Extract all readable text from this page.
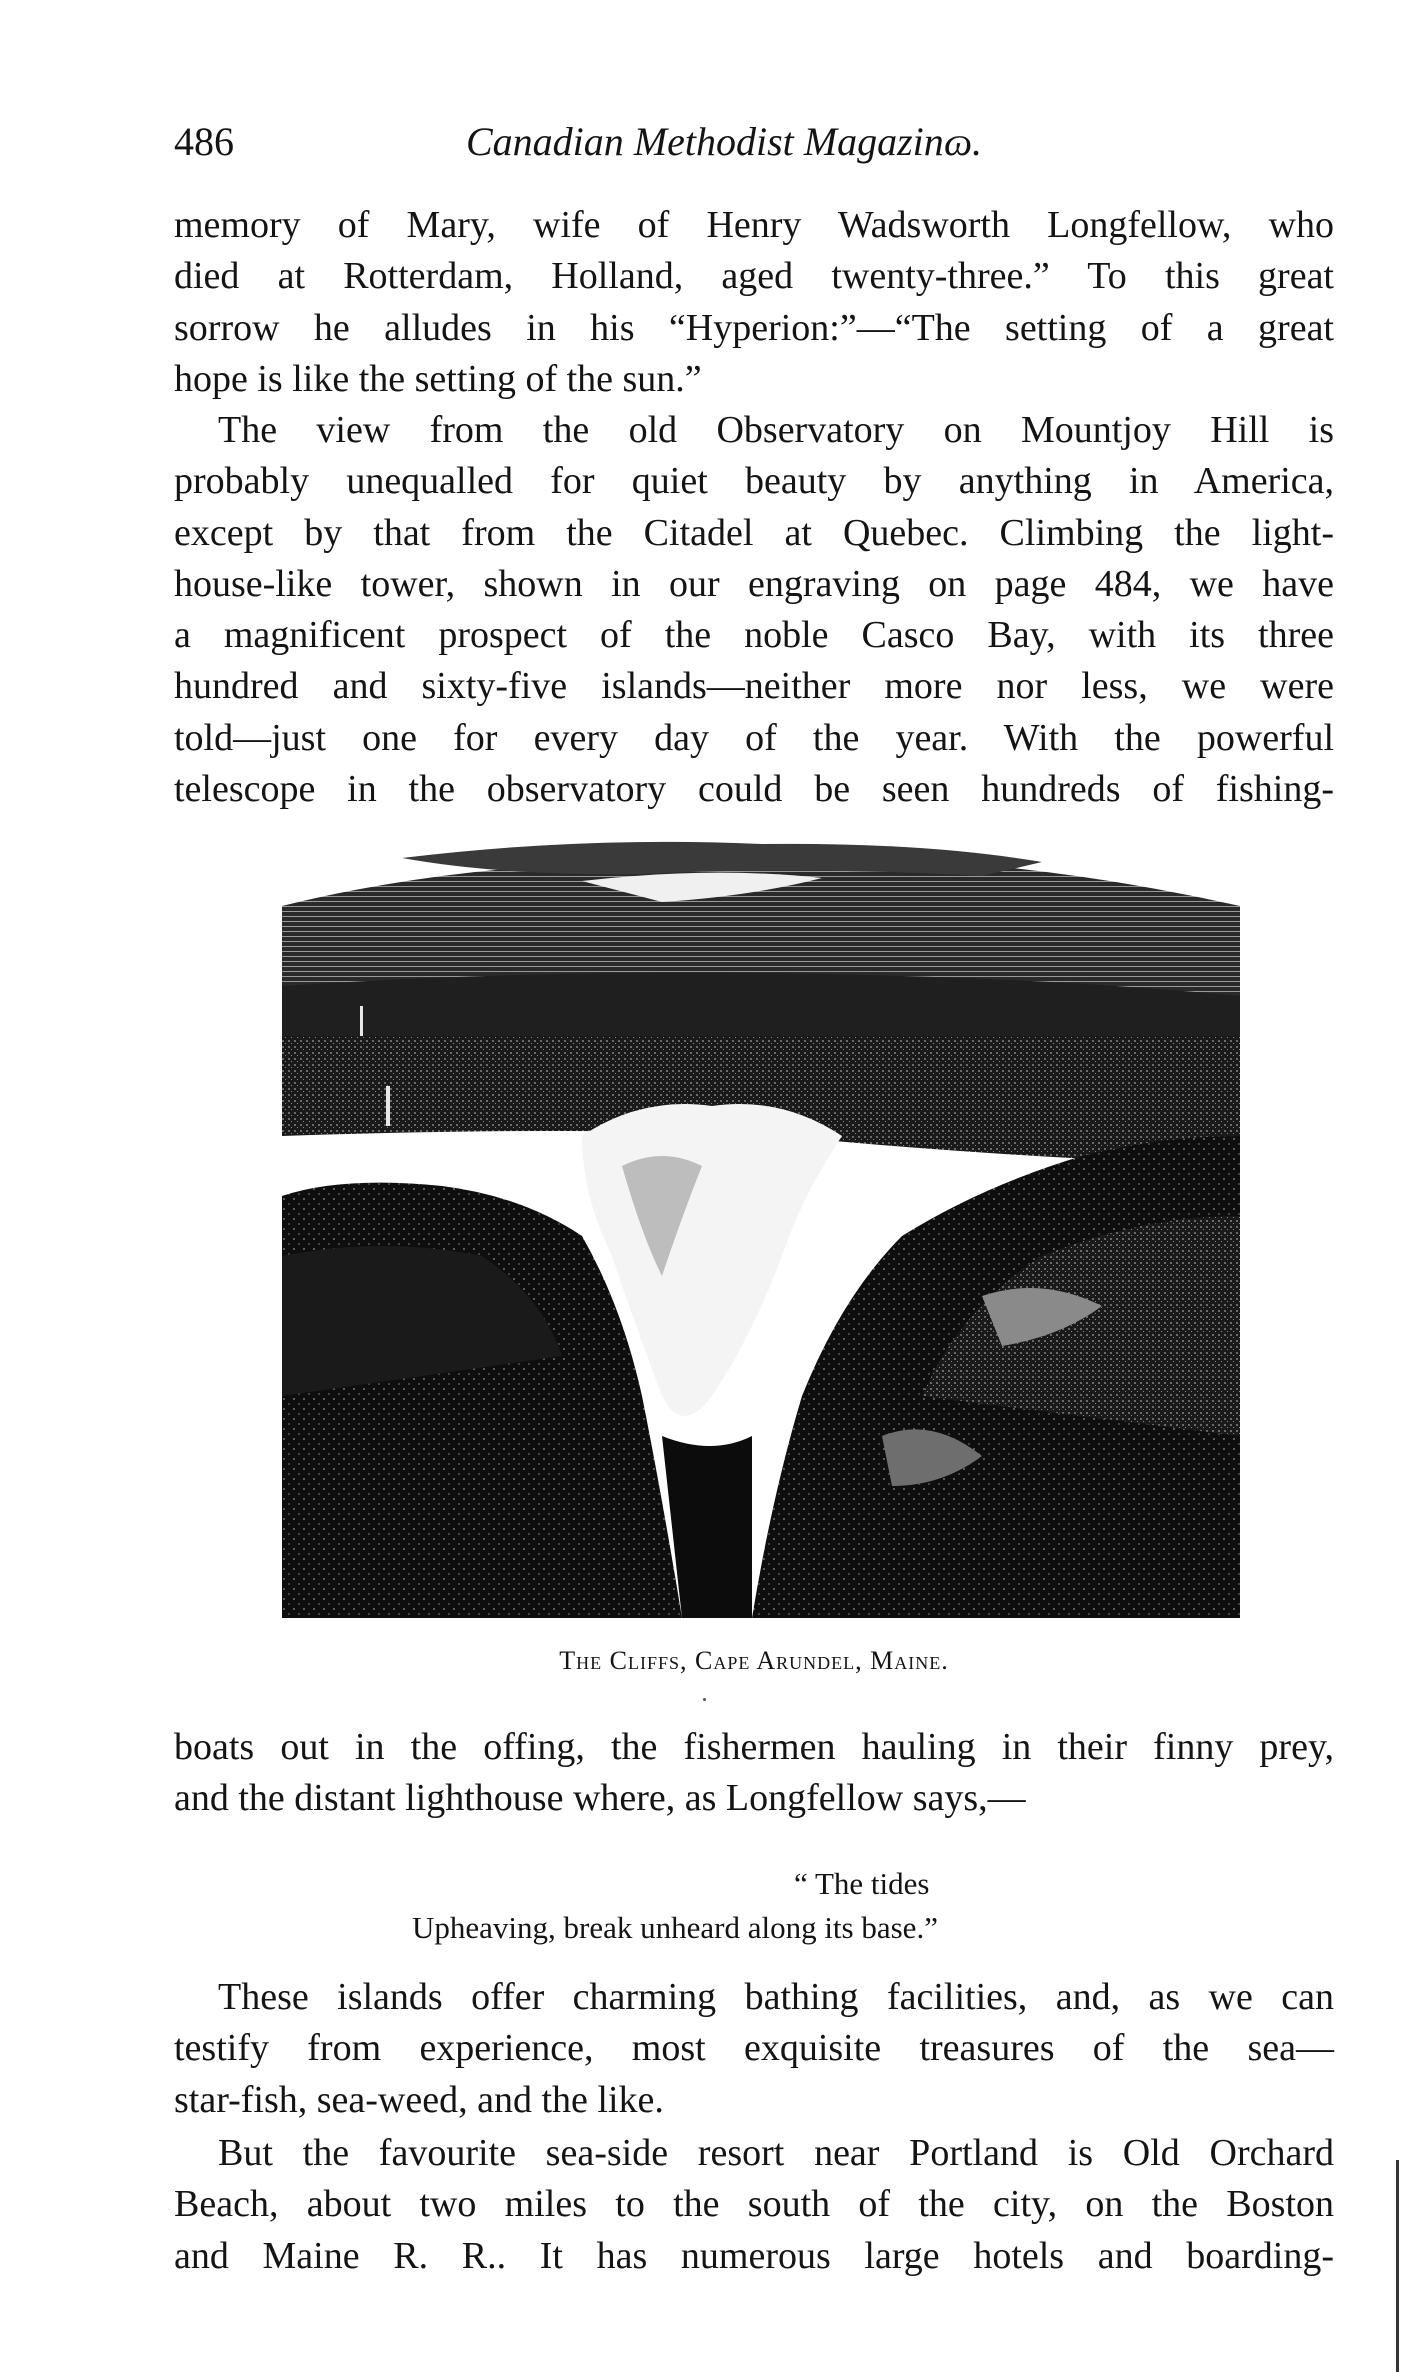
486	Canadian Methodist Magazinɷ.

memory of Mary, wife of Henry Wadsworth Longfellow, who

died at Rotterdam, Holland, aged twenty-three.” To this great

sorrow he alludes in his “Hyperion:”—“The setting of a great

hope is like the setting of the sun.”

The view from the old Observatory on Mountjoy Hill is

probably unequalled for quiet beauty by anything in America,

except by that from the Citadel at Quebec. Climbing the light-

house-like tower, shown in our engraving on page 484, we have

a magnificent prospect of the noble Casco Bay, with its three

hundred and sixty-five islands—neither more nor less, we were

told—just one for every day of the year. With the powerful

telescope in the observatory could be seen hundreds of fishing-

The Cliffs, Cape Arundel, Maine.

boats out in the offing, the fishermen hauling in their finny prey,

and the distant lighthouse where, as Longfellow says,—

“ The tides
Upheaving, break unheard along its base.”

These islands offer charming bathing facilities, and, as we can

testify from experience, most exquisite treasures of the sea—

star-fish, sea-weed, and the like.

But the favourite sea-side resort near Portland is Old Orchard

Beach, about two miles to the south of the city, on the Boston

and Maine R. R.. It has numerous large hotels and boarding-
